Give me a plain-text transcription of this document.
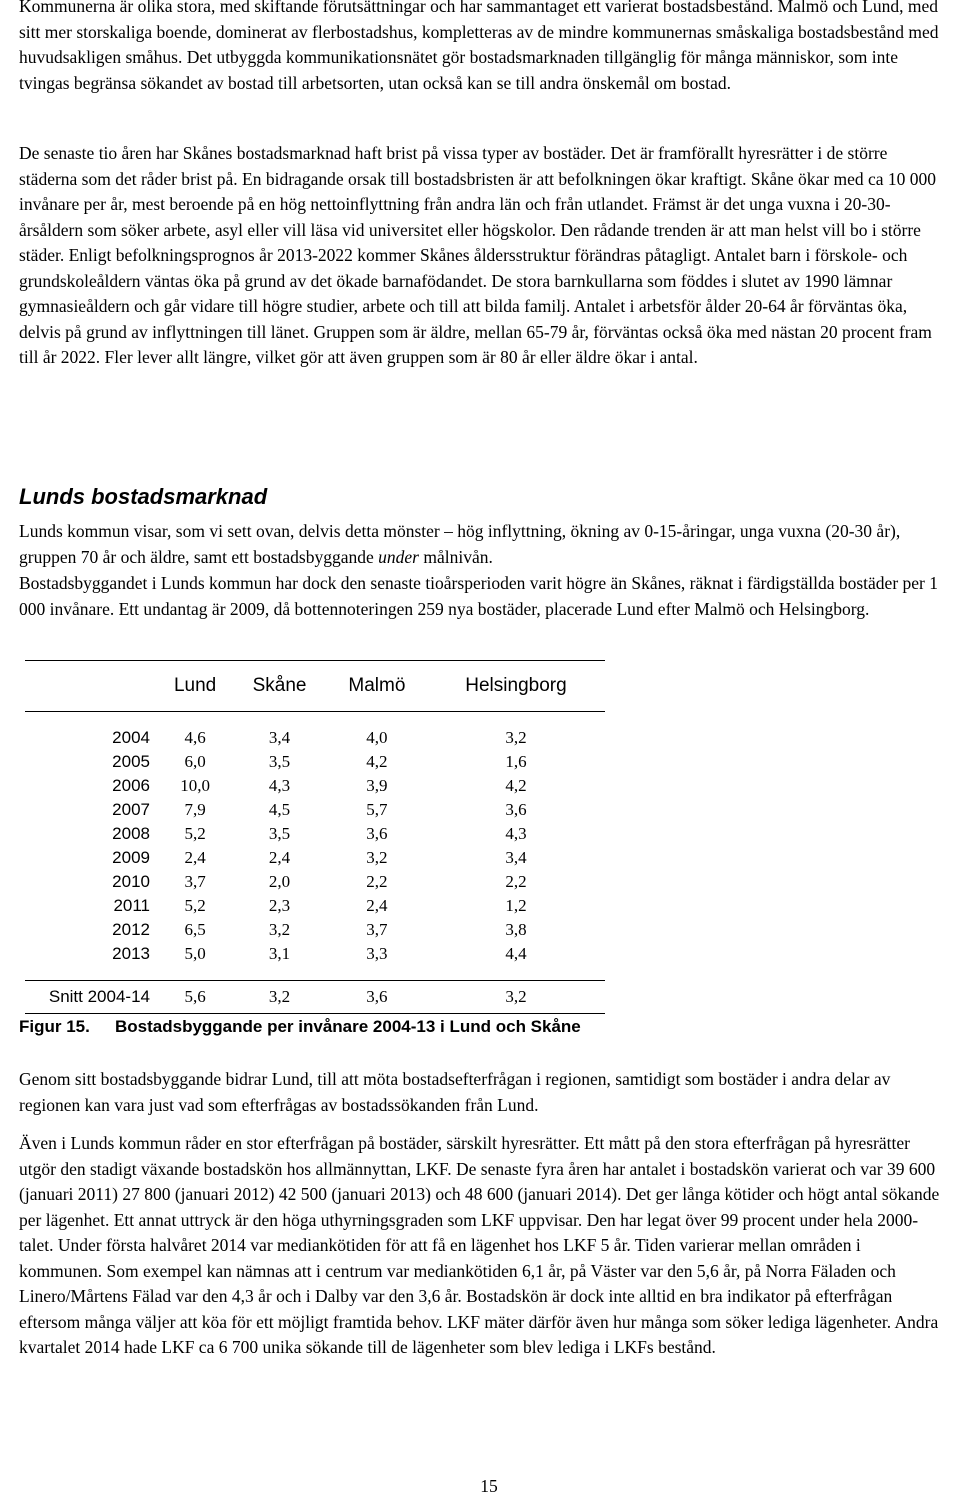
Kommunerna är olika stora, med skiftande förutsättningar och har sammantaget ett varierat bostadsbestånd. Malmö och Lund, med sitt mer storskaliga boende, dominerat av flerbostadshus, kompletteras av de mindre kommunernas småskaliga bostadsbestånd med huvudsakligen småhus. Det utbyggda kommunikationsnätet gör bostadsmarknaden tillgänglig för många människor, som inte tvingas begränsa sökandet av bostad till arbetsorten, utan också kan se till andra önskemål om bostad.

De senaste tio åren har Skånes bostadsmarknad haft brist på vissa typer av bostäder. Det är framförallt hyresrätter i de större städerna som det råder brist på. En bidragande orsak till bostadsbristen är att befolkningen ökar kraftigt. Skåne ökar med ca 10 000 invånare per år, mest beroende på en hög nettoinflyttning från andra län och från utlandet. Främst är det unga vuxna i 20-30-årsåldern som söker arbete, asyl eller vill läsa vid universitet eller högskolor. Den rådande trenden är att man helst vill bo i större städer. Enligt befolkningsprognos år 2013-2022 kommer Skånes åldersstruktur förändras påtagligt. Antalet barn i förskole- och grundskoleåldern väntas öka på grund av det ökade barnafödandet. De stora barnkullarna som föddes i slutet av 1990 lämnar gymnasieåldern och går vidare till högre studier, arbete och till att bilda familj. Antalet i arbetsför ålder 20-64 år förväntas öka, delvis på grund av inflyttningen till länet. Gruppen som är äldre, mellan 65-79 år, förväntas också öka med nästan 20 procent fram till år 2022. Fler lever allt längre, vilket gör att även gruppen som är 80 år eller äldre ökar i antal.

Lunds bostadsmarknad

Lunds kommun visar, som vi sett ovan, delvis detta mönster – hög inflyttning, ökning av 0-15-åringar, unga vuxna (20-30 år), gruppen 70 år och äldre, samt ett bostadsbyggande under målnivån.

Bostadsbyggandet i Lunds kommun har dock den senaste tioårsperioden varit högre än Skånes, räknat i färdigställda bostäder per 1 000 invånare. Ett undantag är 2009, då bottennoteringen 259 nya bostäder, placerade Lund efter Malmö och Helsingborg.

	Lund	Skåne	Malmö	Helsingborg

2004	4,6	3,4	4,0	3,2
2005	6,0	3,5	4,2	1,6
2006	10,0	4,3	3,9	4,2
2007	7,9	4,5	5,7	3,6
2008	5,2	3,5	3,6	4,3
2009	2,4	2,4	3,2	3,4
2010	3,7	2,0	2,2	2,2
2011	5,2	2,3	2,4	1,2
2012	6,5	3,2	3,7	3,8
2013	5,0	3,1	3,3	4,4

Snitt 2004-14	5,6	3,2	3,6	3,2
Figur 15. Bostadsbyggande per invånare 2004-13 i Lund och Skåne

Genom sitt bostadsbyggande bidrar Lund, till att möta bostadsefterfrågan i regionen, samtidigt som bostäder i andra delar av regionen kan vara just vad som efterfrågas av bostadssökanden från Lund.

Även i Lunds kommun råder en stor efterfrågan på bostäder, särskilt hyresrätter. Ett mått på den stora efterfrågan på hyresrätter utgör den stadigt växande bostadskön hos allmännyttan, LKF. De senaste fyra åren har antalet i bostadskön varierat och var 39 600 (januari 2011) 27 800 (januari 2012) 42 500 (januari 2013) och 48 600 (januari 2014). Det ger långa kötider och högt antal sökande per lägenhet. Ett annat uttryck är den höga uthyrningsgraden som LKF uppvisar. Den har legat över 99 procent under hela 2000-talet. Under första halvåret 2014 var mediankötiden för att få en lägenhet hos LKF 5 år. Tiden varierar mellan områden i kommunen. Som exempel kan nämnas att i centrum var mediankötiden 6,1 år, på Väster var den 5,6 år, på Norra Fäladen och Linero/Mårtens Fälad var den 4,3 år och i Dalby var den 3,6 år. Bostadskön är dock inte alltid en bra indikator på efterfrågan eftersom många väljer att köa för ett möjligt framtida behov. LKF mäter därför även hur många som söker lediga lägenheter. Andra kvartalet 2014 hade LKF ca 6 700 unika sökande till de lägenheter som blev lediga i LKFs bestånd.

15
